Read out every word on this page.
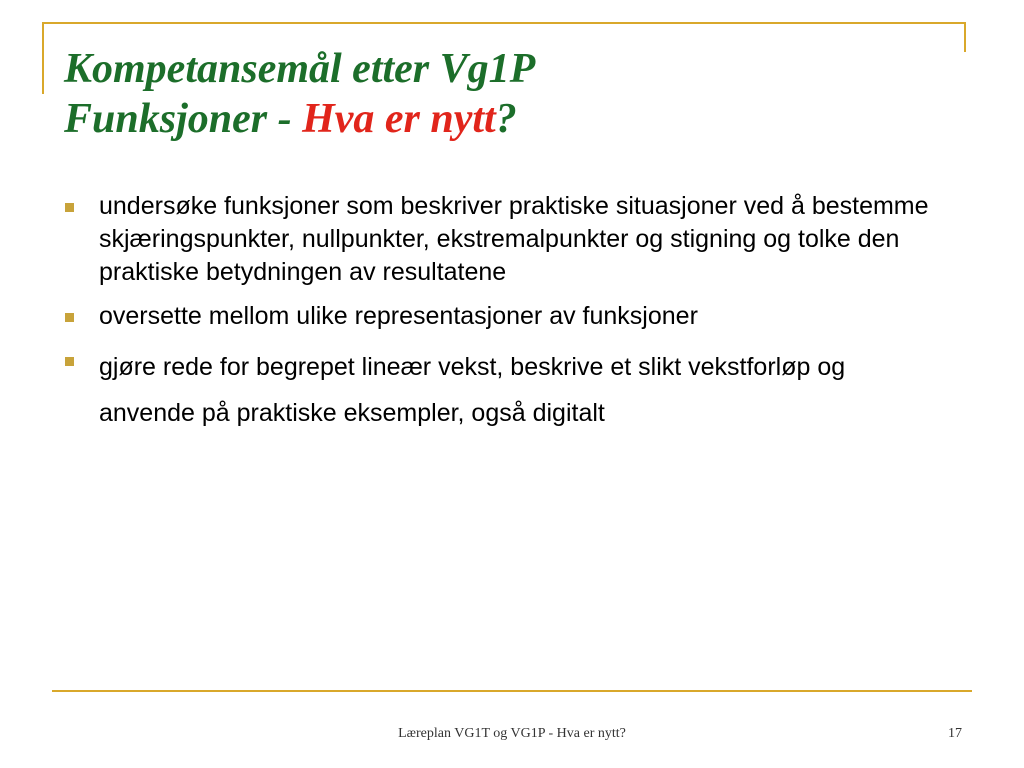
Kompetansemål etter Vg1P
Funksjoner - Hva er nytt?
undersøke funksjoner som beskriver praktiske situasjoner ved å bestemme skjæringspunkter, nullpunkter, ekstremalpunkter og stigning og tolke den praktiske betydningen av resultatene
oversette mellom ulike representasjoner av funksjoner
gjøre rede for begrepet lineær vekst, beskrive et slikt vekstforløp og anvende på praktiske eksempler, også digitalt
Læreplan VG1T og VG1P - Hva er nytt?	17
